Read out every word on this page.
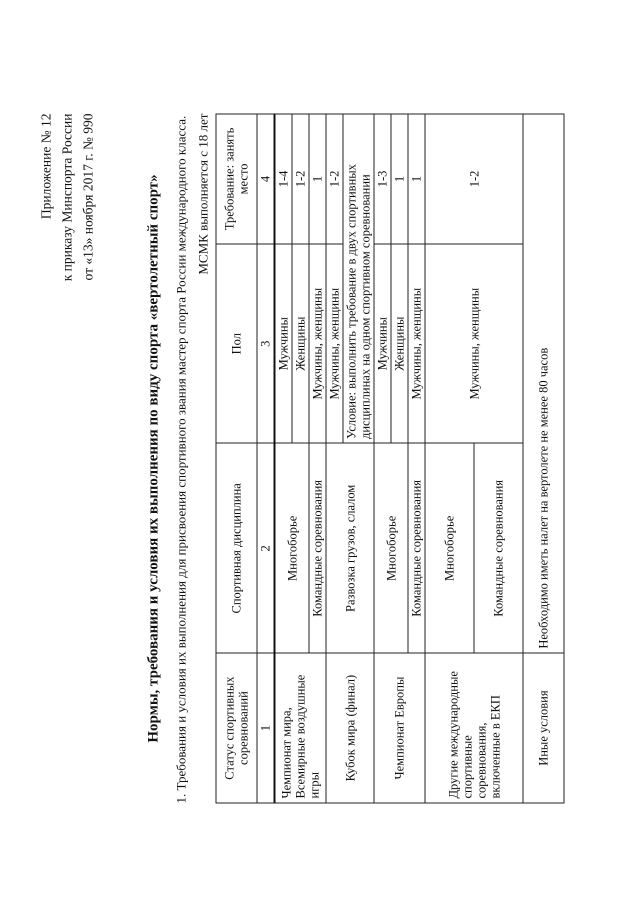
Приложение № 12 к приказу Минспорта России от «13» ноября 2017 г. № 990	Нормы, требования и условия их выполнения по виду спорта «вертолетный спорт» 1. Требования и условия их выполнения для присвоения спортивного звания мастер спорта России международного класса. МСМК выполняется с 18 лет
Статус спортивных соревнований	Спортивная дисциплина	Пол	Требование: занять место
1	2	3	4
Чемпионат мира, Всемирные воздушные игры	Многоборье	Мужчины	1-4
		Женщины	1-2
	Командные соревнования	Мужчины, женщины	1
Кубок мира (финал)	Развозка грузов, слалом	Мужчины, женщины	1-2
		Условие: выполнить требование в двух спортивных дисциплинах на одном спортивном соревновании	
Чемпионат Европы	Многоборье	Мужчины	1-3
		Женщины	1
	Командные соревнования	Мужчины, женщины	1
Другие международные спортивные соревнования, включенные в ЕКП	Многоборье	Мужчины, женщины	1-2
	Командные соревнования		
Иные условия	Необходимо иметь налет на вертолете не менее 80 часов		
